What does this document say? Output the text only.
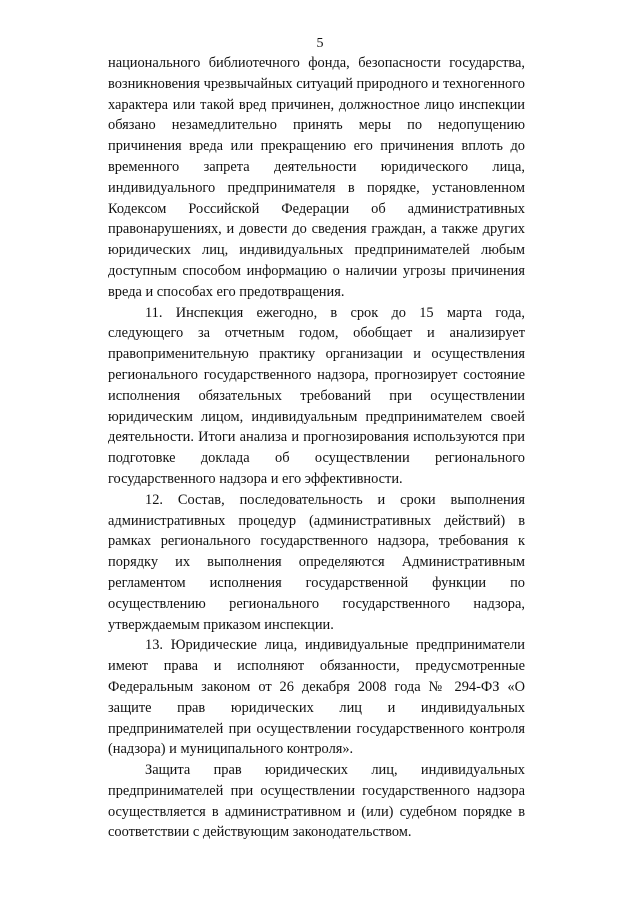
5

национального библиотечного фонда, безопасности государства, возникновения чрезвычайных ситуаций природного и техногенного характера или такой вред причинен, должностное лицо инспекции обязано незамедлительно принять меры по недопущению причинения вреда или прекращению его причинения вплоть до временного запрета деятельности юридического лица, индивидуального предпринимателя в порядке, установленном Кодексом Российской Федерации об административных правонарушениях, и довести до сведения граждан, а также других юридических лиц, индивидуальных предпринимателей любым доступным способом информацию о наличии угрозы причинения вреда и способах его предотвращения.

11. Инспекция ежегодно, в срок до 15 марта года, следующего за отчетным годом, обобщает и анализирует правоприменительную практику организации и осуществления регионального государственного надзора, прогнозирует состояние исполнения обязательных требований при осуществлении юридическим лицом, индивидуальным предпринимателем своей деятельности. Итоги анализа и прогнозирования используются при подготовке доклада об осуществлении регионального государственного надзора и его эффективности.

12. Состав, последовательность и сроки выполнения административных процедур (административных действий) в рамках регионального государственного надзора, требования к порядку их выполнения определяются Административным регламентом исполнения государственной функции по осуществлению регионального государственного надзора, утверждаемым приказом инспекции.

13. Юридические лица, индивидуальные предприниматели имеют права и исполняют обязанности, предусмотренные Федеральным законом от 26 декабря 2008 года № 294-ФЗ «О защите прав юридических лиц и индивидуальных предпринимателей при осуществлении государственного контроля (надзора) и муниципального контроля».

Защита прав юридических лиц, индивидуальных предпринимателей при осуществлении государственного надзора осуществляется в административном и (или) судебном порядке в соответствии с действующим законодательством.
